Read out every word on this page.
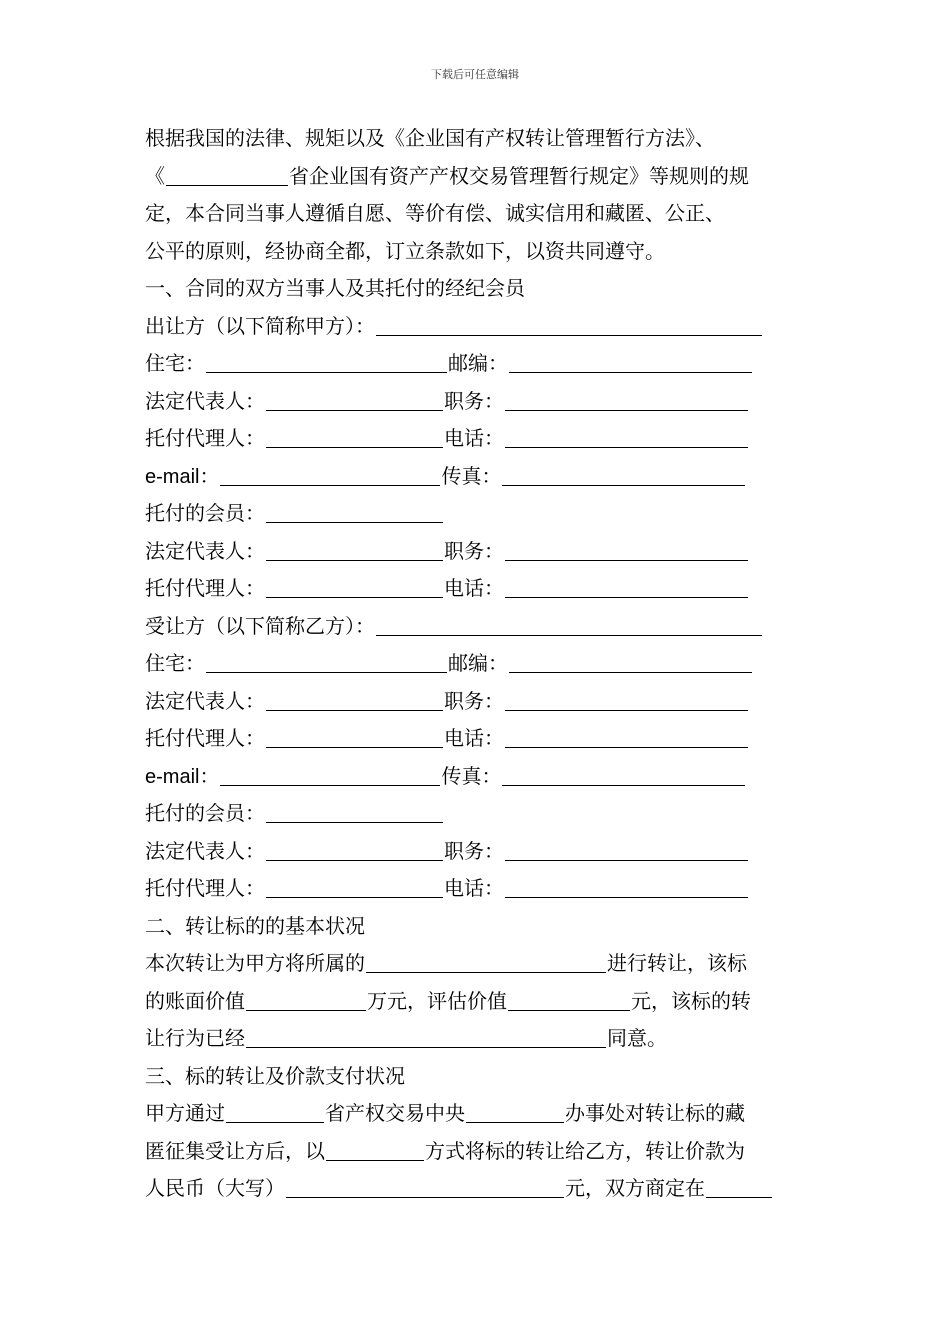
下载后可任意编辑
根据我国的法律、规矩以及《企业国有产权转让管理暂行方法》、
《	省企业国有资产产权交易管理暂行规定》等规则的规
定，本合同当事人遵循自愿、等价有偿、诚实信用和藏匿、公正、
公平的原则，经协商全都，订立条款如下，以资共同遵守。
一、合同的双方当事人及其托付的经纪会员
出让方（以下简称甲方）：
住宅：	邮编：
法定代表人：	职务：
托付代理人：	电话：
e-mail：	传真：
托付的会员：
法定代表人：	职务：
托付代理人：	电话：
受让方（以下简称乙方）：
住宅：	邮编：
法定代表人：	职务：
托付代理人：	电话：
e-mail：	传真：
托付的会员：
法定代表人：	职务：
托付代理人：	电话：
二、转让标的的基本状况
本次转让为甲方将所属的	进行转让，该标
的账面价值	万元，评估价值	元，该标的转
让行为已经	同意。
三、标的转让及价款支付状况
甲方通过	省产权交易中央	办事处对转让标的藏
匿征集受让方后，以	方式将标的转让给乙方，转让价款为
人民币（大写）	元，双方商定在
